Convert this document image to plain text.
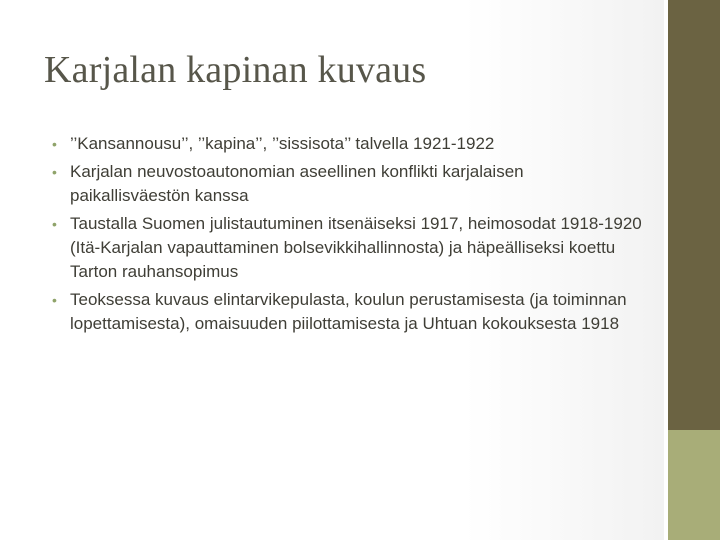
Karjalan kapinan kuvaus
• ’’Kansannousu’’, ’’kapina’’, ’’sissisota’’ talvella 1921-1922
• Karjalan neuvostoautonomian aseellinen konflikti karjalaisen paikallisväestön kanssa
• Taustalla Suomen julistautuminen itsenäiseksi 1917, heimosodat 1918-1920 (Itä-Karjalan vapauttaminen bolsevikkihallinnosta) ja häpeälliseksi koettu Tarton rauhansopimus
• Teoksessa kuvaus elintarvikepulasta, koulun perustamisesta (ja toiminnan lopettamisesta), omaisuuden piilottamisesta ja Uhtuan kokouksesta 1918
